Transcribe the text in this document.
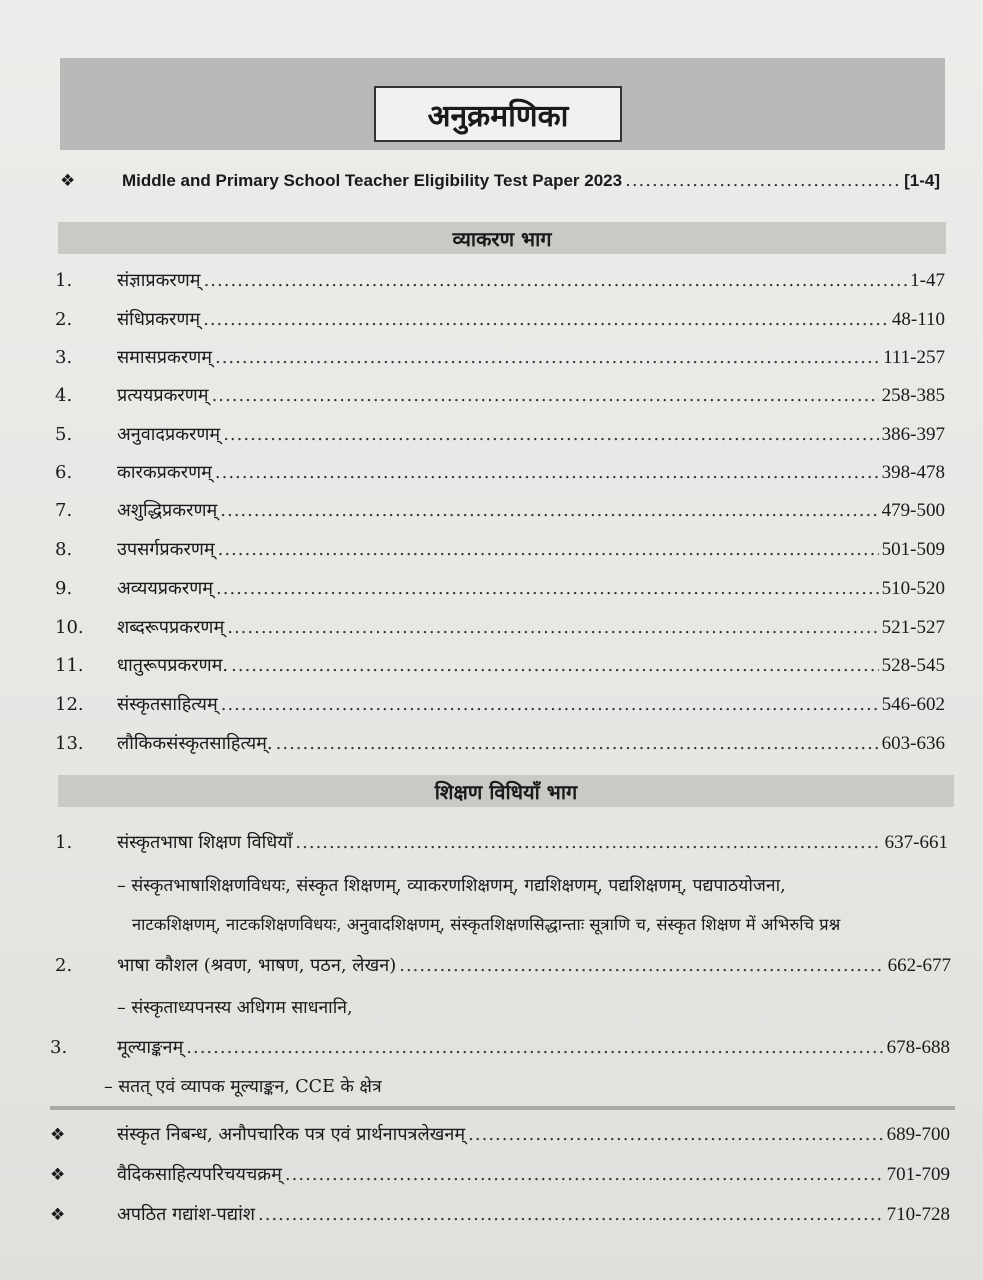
अनुक्रमणिका
❖	Middle and Primary School Teacher Eligibility Test Paper 2023 .....	[1-4]
व्याकरण भाग
1.	संज्ञाप्रकरणम् .....	1-47
2.	संधिप्रकरणम् .....	48-110
3.	समासप्रकरणम् .....	111-257
4.	प्रत्ययप्रकरणम् .....	258-385
5.	अनुवादप्रकरणम् .....	386-397
6.	कारकप्रकरणम् .....	398-478
7.	अशुद्धिप्रकरणम् .....	479-500
8.	उपसर्गप्रकरणम् .....	501-509
9.	अव्ययप्रकरणम् .....	510-520
10.	शब्दरूपप्रकरणम् .....	521-527
11.	धातुरूपप्रकरणम. .....	528-545
12.	संस्कृतसाहित्यम् .....	546-602
13.	लौकिकसंस्कृतसाहित्यम्. .....	603-636
शिक्षण विधियाँ भाग
1.	संस्कृतभाषा शिक्षण विधियाँ .....	637-661
– संस्कृतभाषाशिक्षणविधयः, संस्कृत शिक्षणम्, व्याकरणशिक्षणम्, गद्यशिक्षणम्, पद्यशिक्षणम्, पद्यपाठयोजना,
नाटकशिक्षणम्, नाटकशिक्षणविधयः, अनुवादशिक्षणम्, संस्कृतशिक्षणसिद्धान्ताः सूत्राणि च, संस्कृत शिक्षण में अभिरुचि प्रश्न
2.	भाषा कौशल (श्रवण, भाषण, पठन, लेखन) .....	662-677
– संस्कृताध्यपनस्य अधिगम साधनानि,
3.	मूल्याङ्कनम् .....	678-688
– सतत् एवं व्यापक मूल्याङ्कन, CCE के क्षेत्र
❖	संस्कृत निबन्ध, अनौपचारिक पत्र एवं प्रार्थनापत्रलेखनम् .....	689-700
❖	वैदिकसाहित्यपरिचयचक्रम् .....	701-709
❖	अपठित गद्यांश-पद्यांश .....	710-728
